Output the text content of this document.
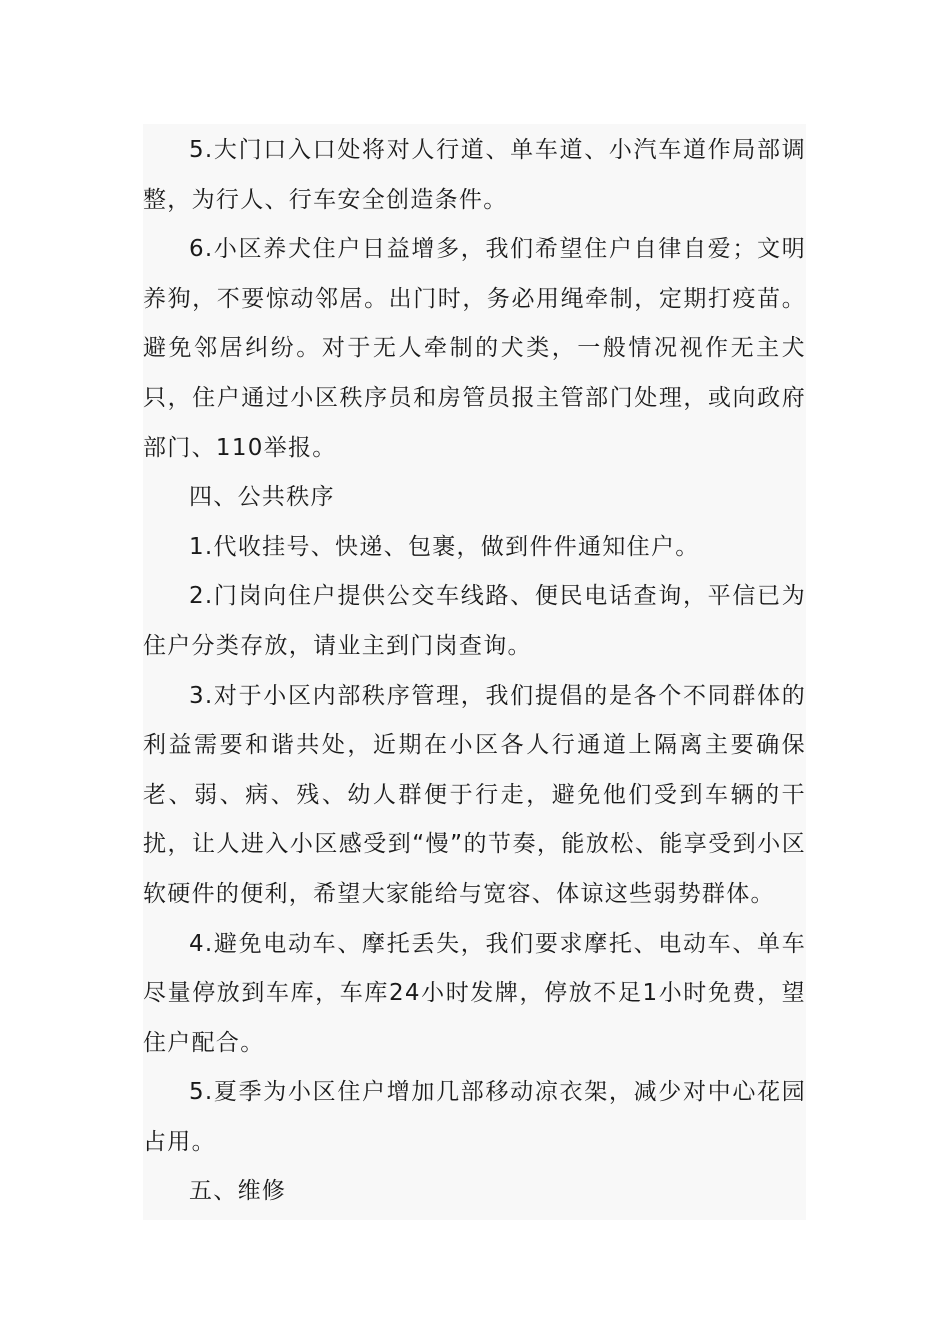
5.大门口入口处将对人行道、单车道、小汽车道作局部调整，为行人、行车安全创造条件。

6.小区养犬住户日益增多，我们希望住户自律自爱；文明养狗，不要惊动邻居。出门时，务必用绳牵制，定期打疫苗。避免邻居纠纷。对于无人牵制的犬类，一般情况视作无主犬只，住户通过小区秩序员和房管员报主管部门处理，或向政府部门、110举报。

四、公共秩序

1.代收挂号、快递、包裹，做到件件通知住户。

2.门岗向住户提供公交车线路、便民电话查询，平信已为住户分类存放，请业主到门岗查询。

3.对于小区内部秩序管理，我们提倡的是各个不同群体的利益需要和谐共处，近期在小区各人行通道上隔离主要确保老、弱、病、残、幼人群便于行走，避免他们受到车辆的干扰，让人进入小区感受到“慢”的节奏，能放松、能享受到小区软硬件的便利，希望大家能给与宽容、体谅这些弱势群体。

4.避免电动车、摩托丢失，我们要求摩托、电动车、单车尽量停放到车库，车库24小时发牌，停放不足1小时免费，望住户配合。

5.夏季为小区住户增加几部移动凉衣架，减少对中心花园占用。

五、维修
